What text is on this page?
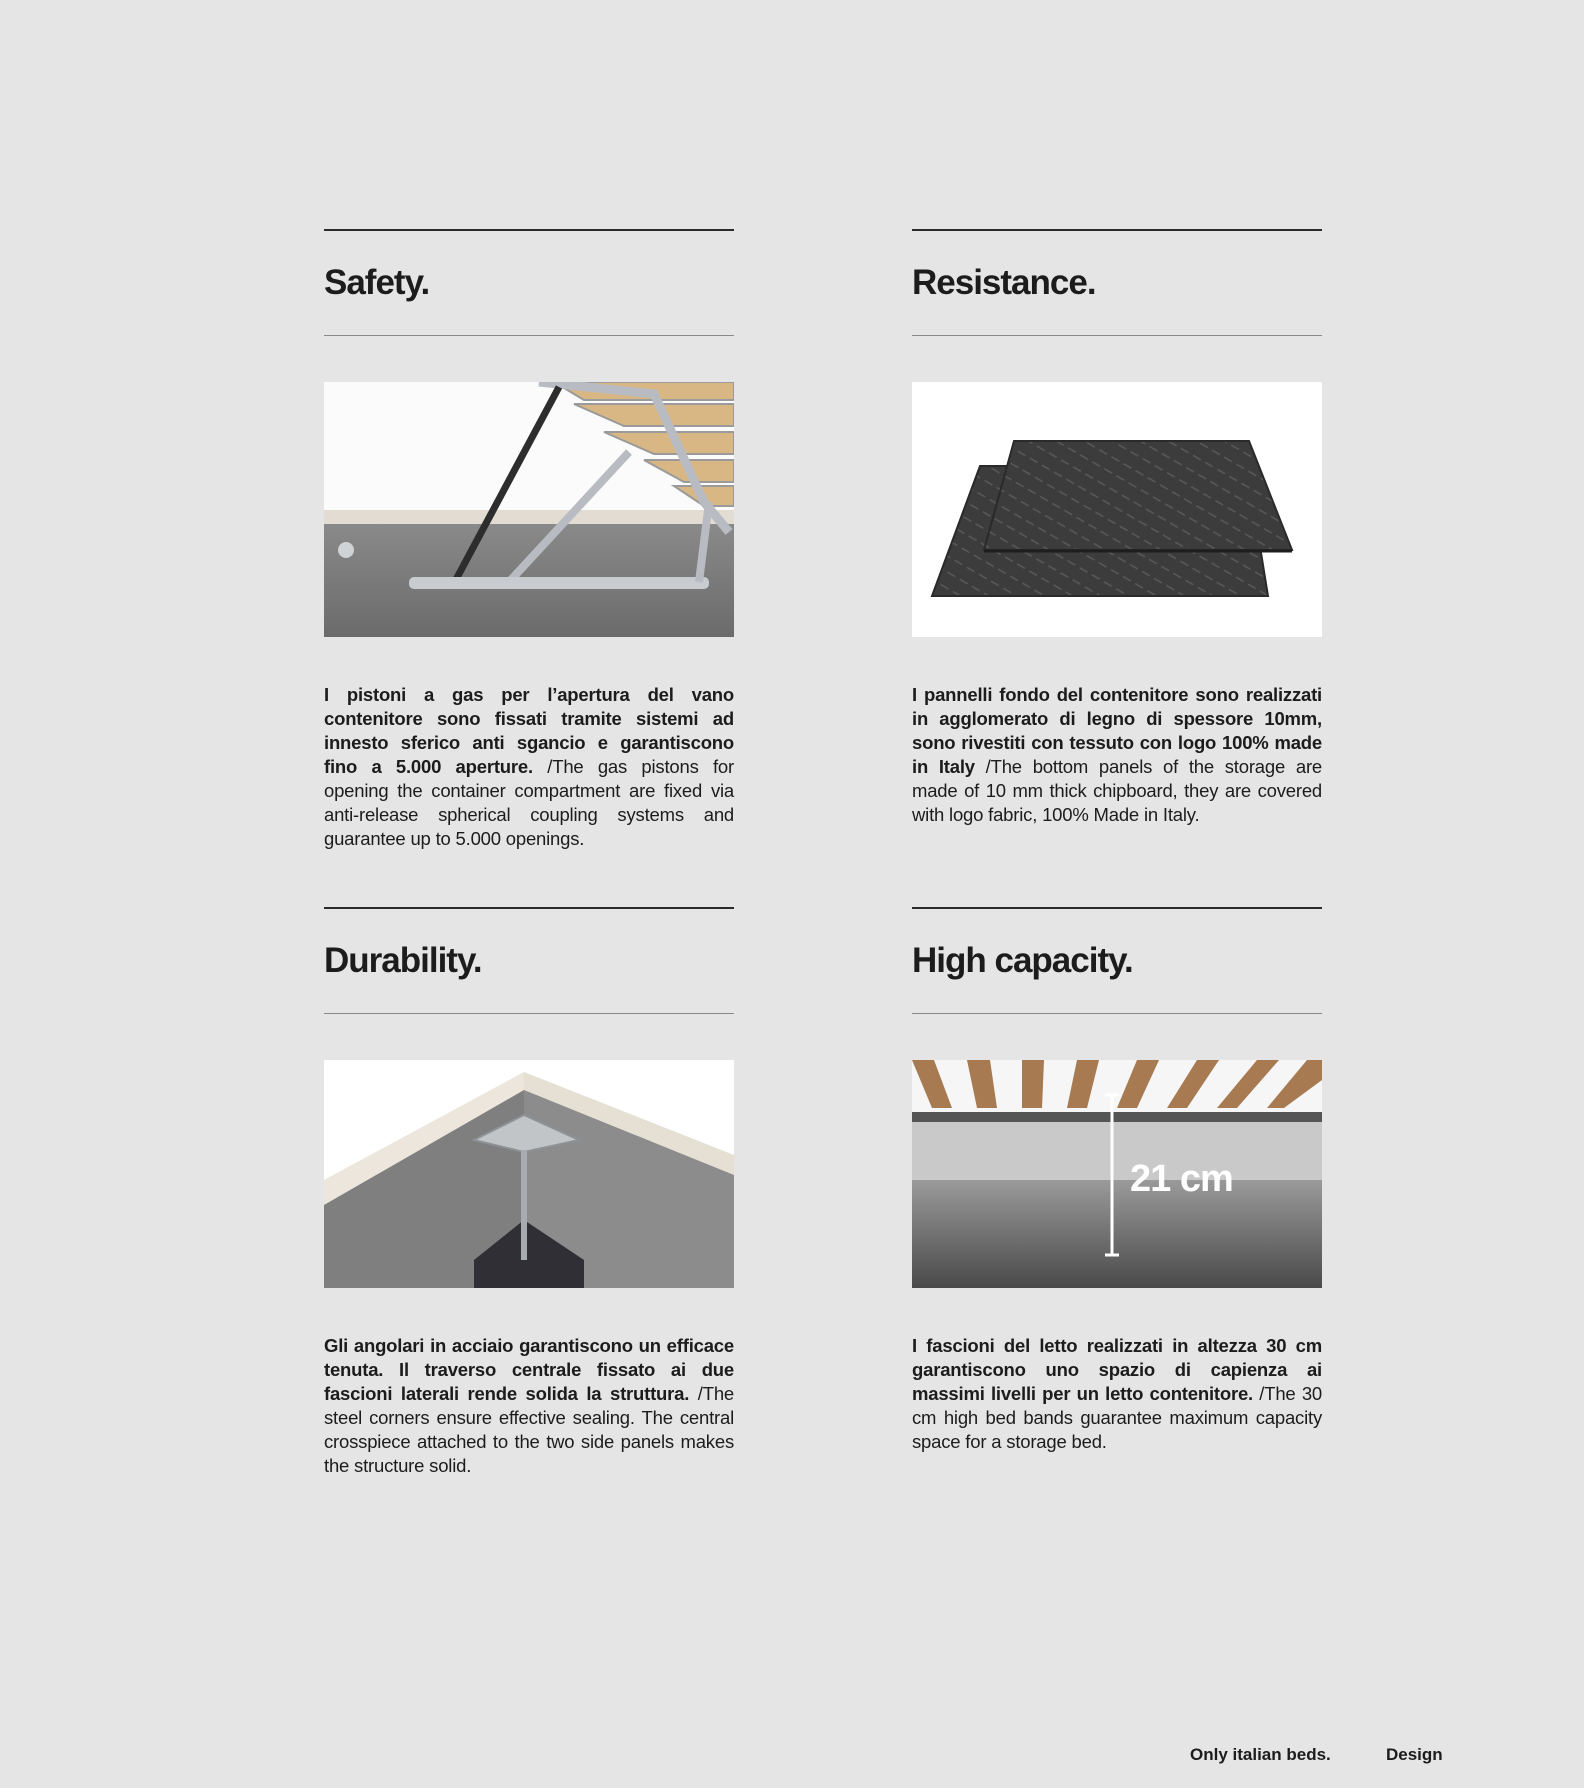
Safety.
I pistoni a gas per l’apertura del vano contenitore sono fissati tramite sistemi ad innesto sferico anti sgancio e garantiscono fino a 5.000 aperture. /The gas pistons for opening the container compartment are fixed via anti-release spherical coupling systems and guarantee up to 5.000 openings.
Resistance.
I pannelli fondo del contenitore sono realizzati in agglomerato di legno di spessore 10mm, sono rivestiti con tessuto con logo 100% made in Italy /The bottom panels of the storage are made of 10 mm thick chipboard, they are covered with logo fabric, 100% Made in Italy.
Durability.
Gli angolari in acciaio garantiscono un efficace tenuta. Il traverso centrale fissato ai due fascioni laterali rende solida la struttura. /The steel corners ensure effective sealing. The central crosspiece attached to the two side panels makes the structure solid.
High capacity.
21 cm
I fascioni del letto realizzati in altezza 30 cm garantiscono uno spazio di capienza ai massimi livelli per un letto contenitore. /The 30 cm high bed bands guarantee maximum capacity space for a storage bed.
Only italian beds.	Design
